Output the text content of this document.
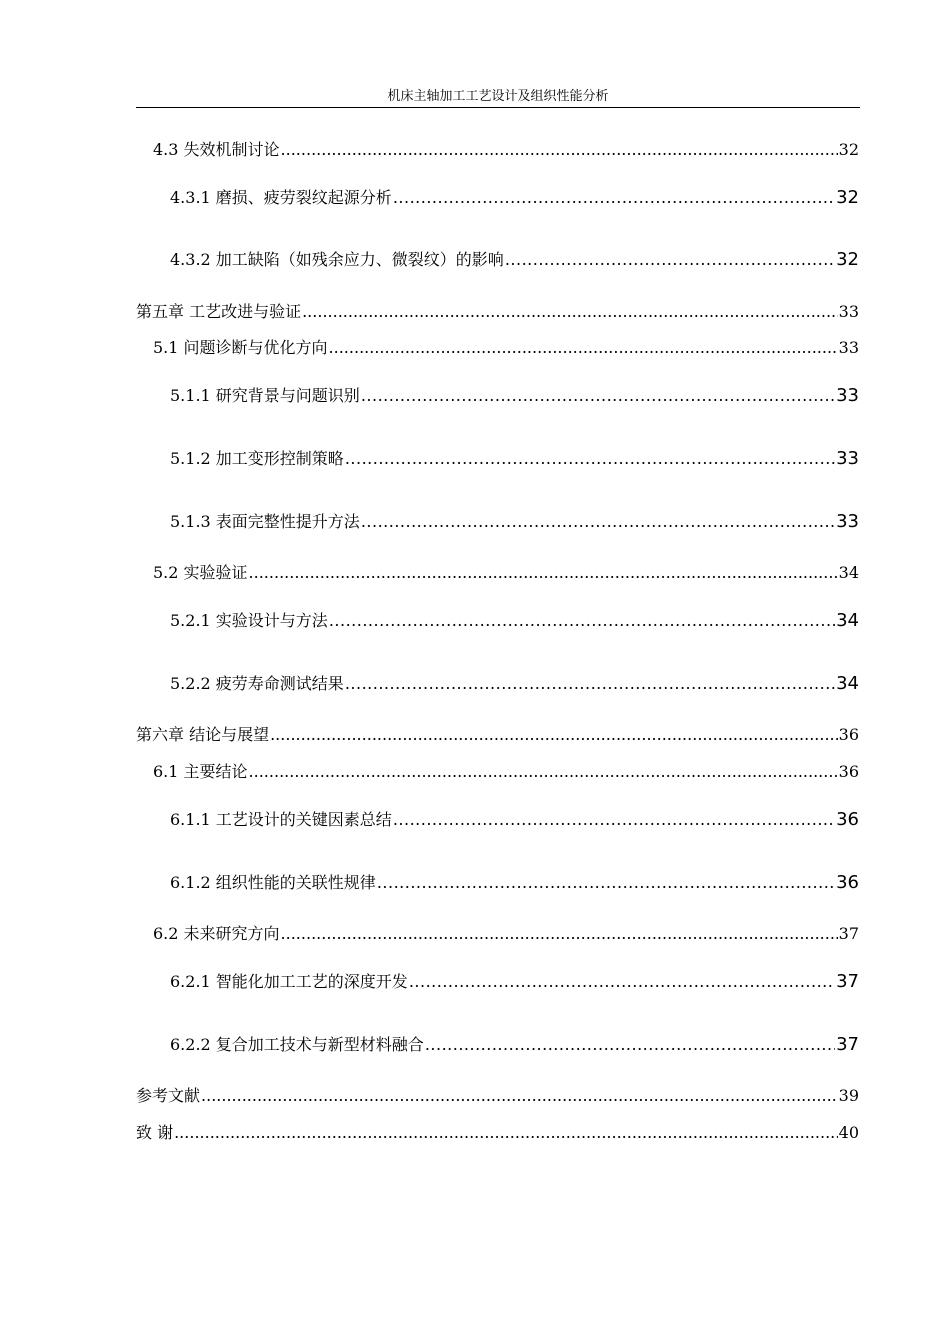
机床主轴加工工艺设计及组织性能分析
4.3 失效机制讨论 .....	32
4.3.1 磨损、疲劳裂纹起源分析 .....	32
4.3.2 加工缺陷（如残余应力、微裂纹）的影响 .....	32
第五章 工艺改进与验证 .....	33
5.1 问题诊断与优化方向 .....	33
5.1.1 研究背景与问题识别 .....	33
5.1.2 加工变形控制策略 .....	33
5.1.3 表面完整性提升方法 .....	33
5.2 实验验证 .....	34
5.2.1 实验设计与方法 .....	34
5.2.2 疲劳寿命测试结果 .....	34
第六章 结论与展望 .....	36
6.1 主要结论 .....	36
6.1.1 工艺设计的关键因素总结 .....	36
6.1.2 组织性能的关联性规律 .....	36
6.2 未来研究方向 .....	37
6.2.1 智能化加工工艺的深度开发 .....	37
6.2.2 复合加工技术与新型材料融合 .....	37
参考文献 .....	39
致 谢 .....	40
